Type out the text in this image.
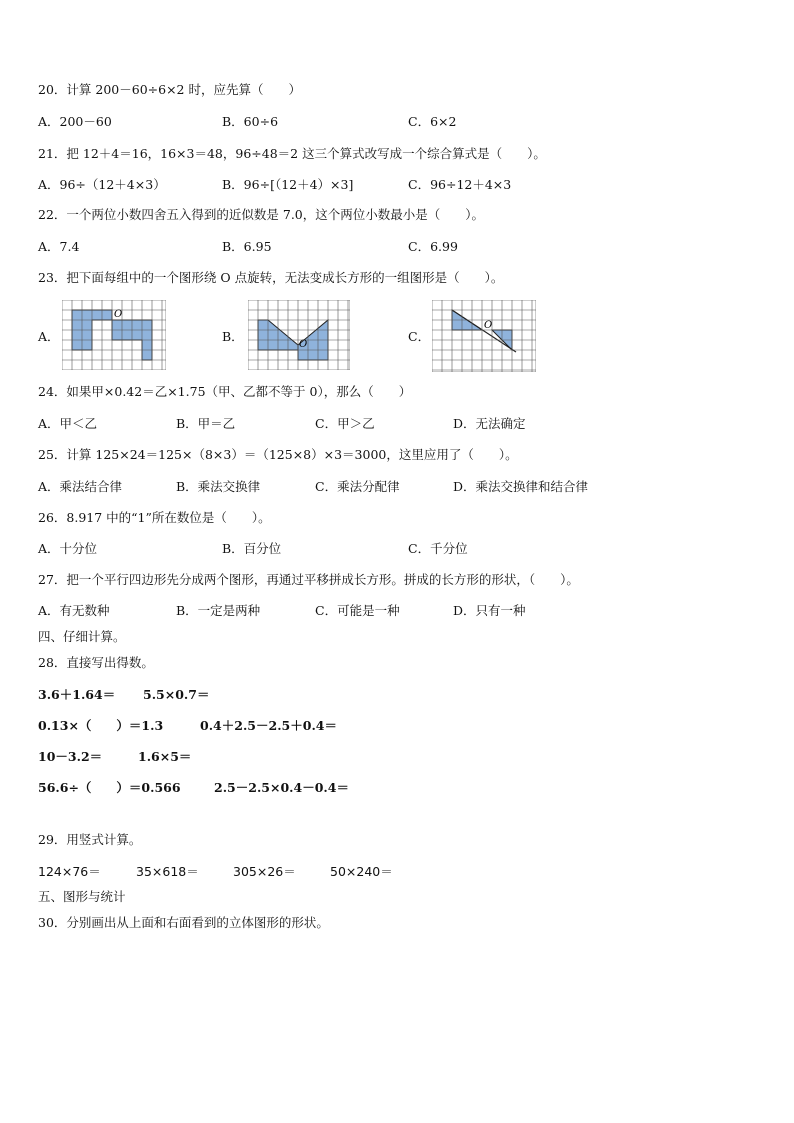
20．计算 200－60÷6×2 时，应先算（　　）
A．200－60	B．60÷6	C．6×2
21．把 12＋4＝16，16×3＝48，96÷48＝2 这三个算式改写成一个综合算式是（　　）。
A．96÷（12＋4×3）	B．96÷[（12＋4）×3]	C．96÷12＋4×3
22．一个两位小数四舍五入得到的近似数是 7.0，这个两位小数最小是（　　）。
A．7.4	B．6.95	C．6.99
23．把下面每组中的一个图形绕 O 点旋转，无法变成长方形的一组图形是（　　）。
A．	B．	C．
O
O
O
24．如果甲×0.42＝乙×1.75（甲、乙都不等于 0），那么（　　）
A．甲＜乙	B．甲＝乙	C．甲＞乙	D．无法确定
25．计算 125×24＝125×（8×3）＝（125×8）×3＝3000，这里应用了（　　）。
A．乘法结合律	B．乘法交换律	C．乘法分配律	D．乘法交换律和结合律
26．8.917 中的“1”所在数位是（　　）。
A．十分位	B．百分位	C．千分位
27．把一个平行四边形先分成两个图形，再通过平移拼成长方形。拼成的长方形的形状，（　　）。
A．有无数种	B．一定是两种	C．可能是一种	D．只有一种
四、仔细计算。
28．直接写出得数。
3.6＋1.64＝ 5.5×0.7＝
0.13×（　　）＝1.3	0.4＋2.5－2.5＋0.4＝
10－3.2＝	1.6×5＝
56.6÷（　　）＝0.566	2.5－2.5×0.4－0.4＝
29．用竖式计算。
124×76＝	35×618＝	305×26＝	50×240＝
五、图形与统计
30．分别画出从上面和右面看到的立体图形的形状。
